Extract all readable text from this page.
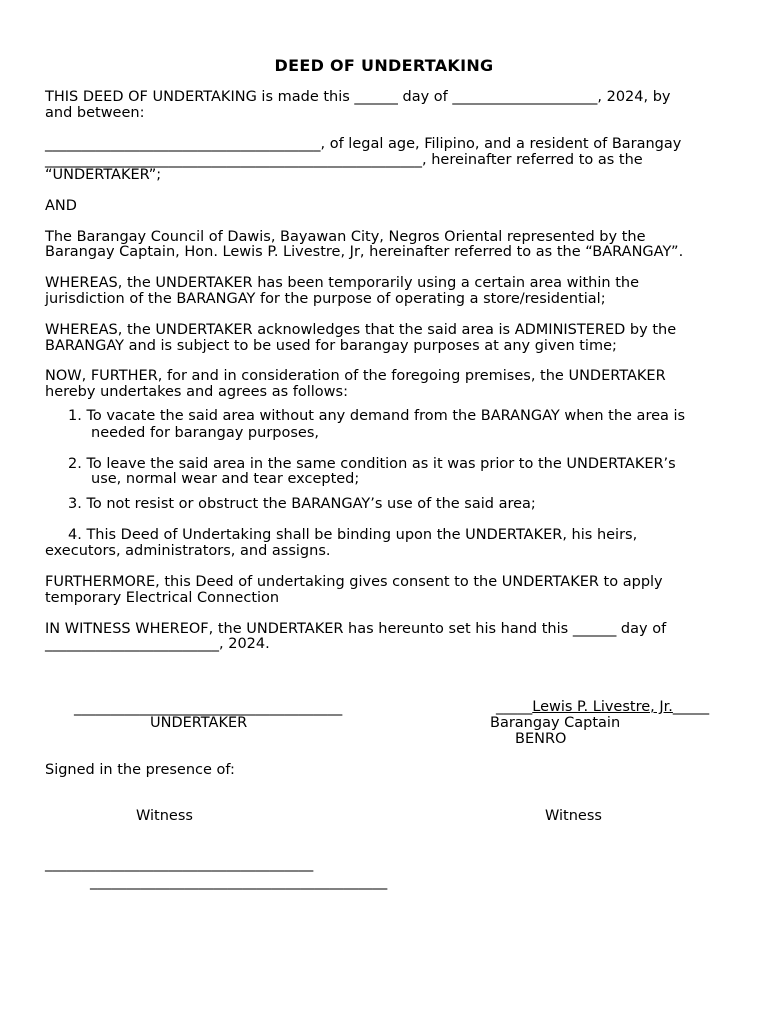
DEED OF UNDERTAKING
THIS DEED OF UNDERTAKING is made this ______ day of ____________________, 2024, by
and between:
______________________________________, of legal age, Filipino, and a resident of Barangay
____________________________________________________, hereinafter referred to as the
“UNDERTAKER”;
AND
The Barangay Council of Dawis, Bayawan City, Negros Oriental represented by the
Barangay Captain, Hon. Lewis P. Livestre, Jr, hereinafter referred to as the “BARANGAY”.
WHEREAS, the UNDERTAKER has been temporarily using a certain area within the
jurisdiction of the BARANGAY for the purpose of operating a store/residential;
WHEREAS, the UNDERTAKER acknowledges that the said area is ADMINISTERED by the
BARANGAY and is subject to be used for barangay purposes at any given time;
NOW, FURTHER, for and in consideration of the foregoing premises, the UNDERTAKER
hereby undertakes and agrees as follows:
1. To vacate the said area without any demand from the BARANGAY when the area is
needed for barangay purposes,
2. To leave the said area in the same condition as it was prior to the UNDERTAKER’s
use, normal wear and tear excepted;
3. To not resist or obstruct the BARANGAY’s use of the said area;
4. This Deed of Undertaking shall be binding upon the UNDERTAKER, his heirs,
executors, administrators, and assigns.
FURTHERMORE, this Deed of undertaking gives consent to the UNDERTAKER to apply
temporary Electrical Connection
IN WITNESS WHEREOF, the UNDERTAKER has hereunto set his hand this ______ day of
________________________, 2024.
_____________________________________
UNDERTAKER
_____Lewis P. Livestre, Jr._____
Barangay Captain
BENRO
Signed in the presence of:
Witness	Witness
_____________________________________
_________________________________________
